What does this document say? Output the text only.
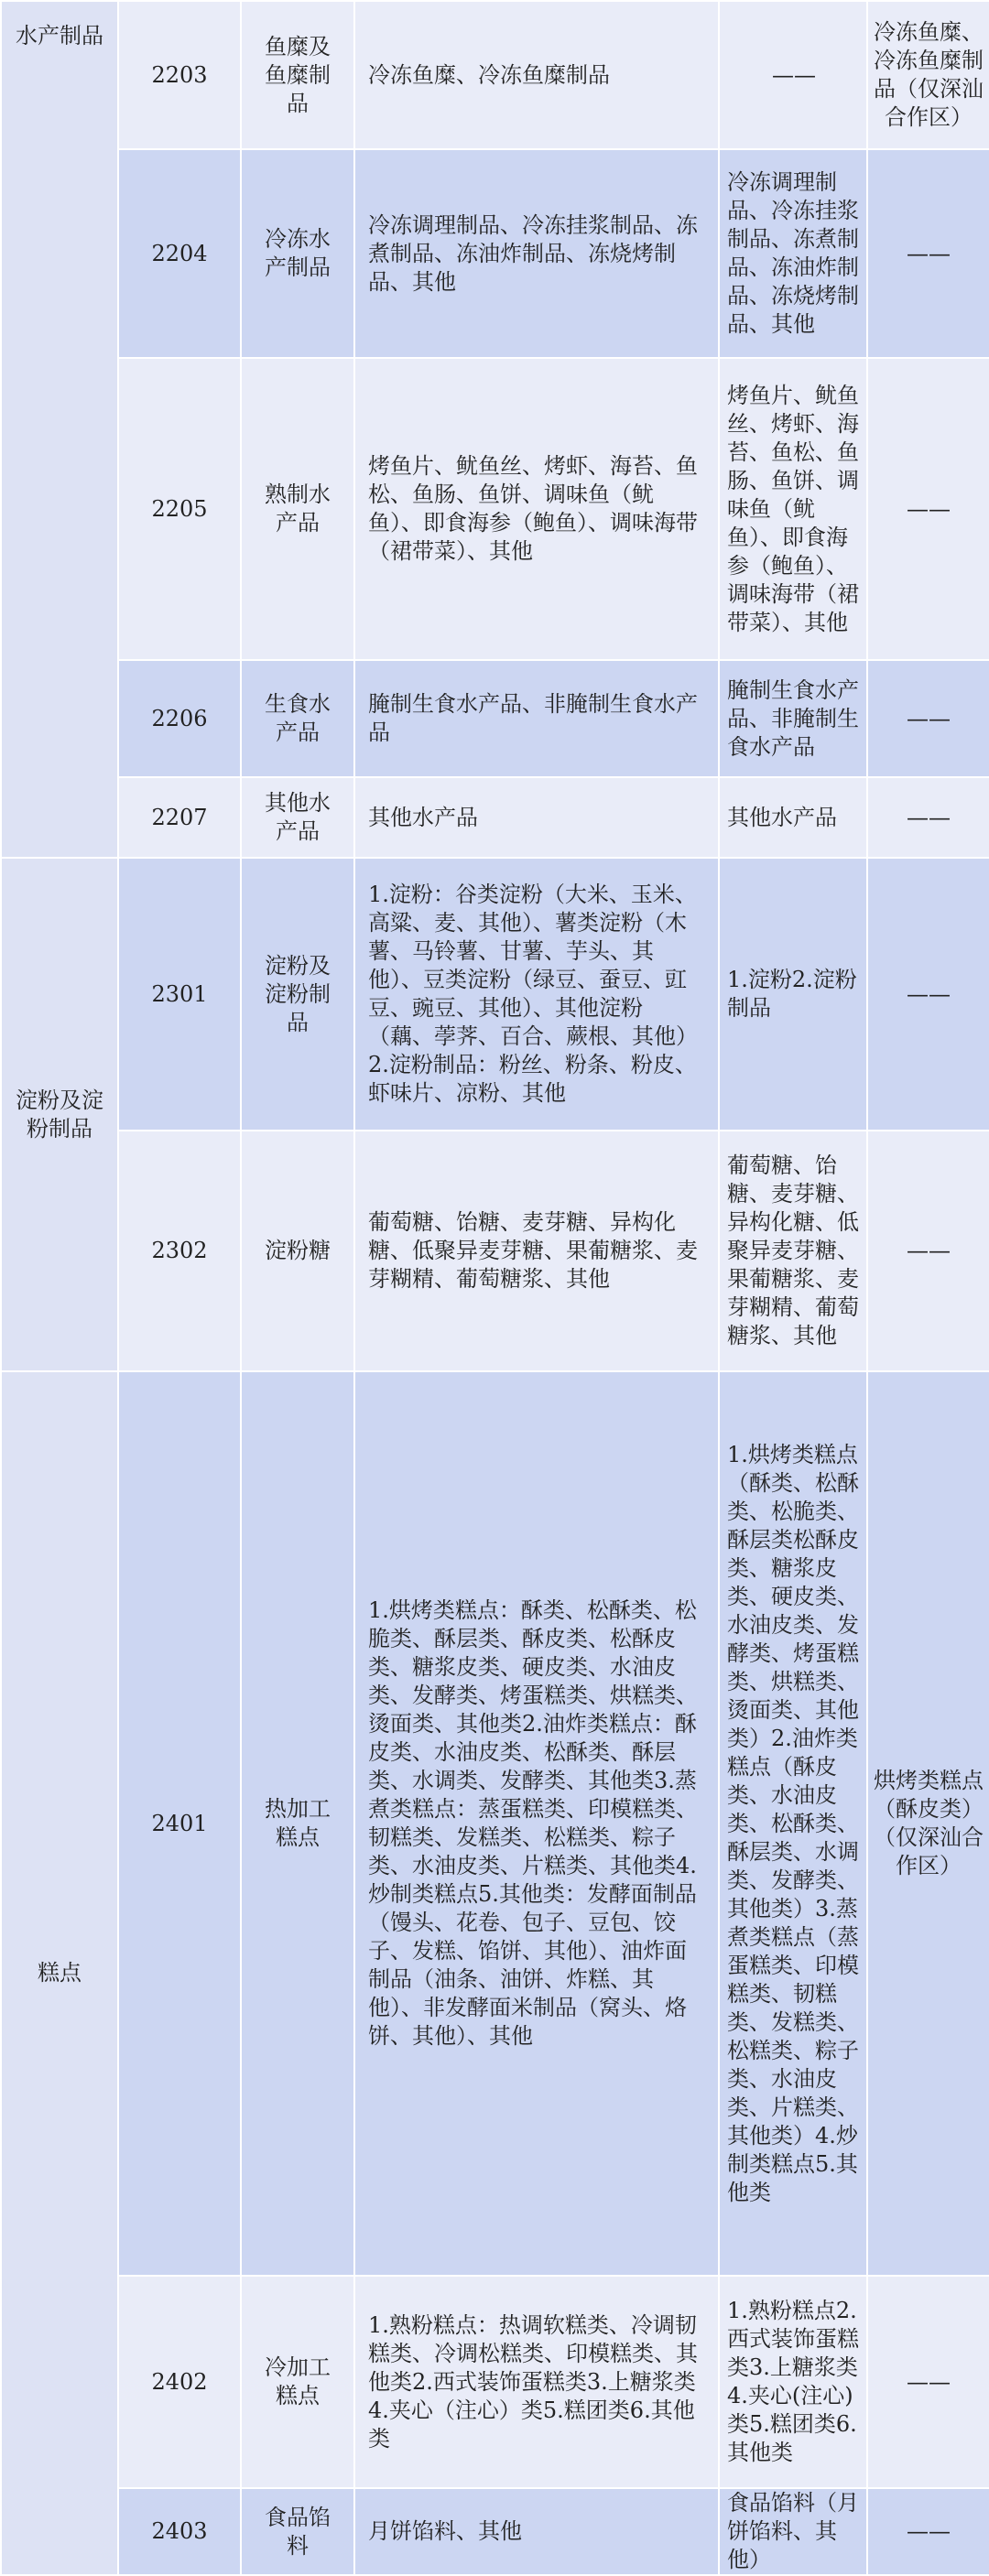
水产制品	2203	鱼糜及鱼糜制品	冷冻鱼糜、冷冻鱼糜制品	——	冷冻鱼糜、冷冻鱼糜制品（仅深汕合作区）
	2204	冷冻水产制品	冷冻调理制品、冷冻挂浆制品、冻煮制品、冻油炸制品、冻烧烤制品、其他	冷冻调理制品、冷冻挂浆制品、冻煮制品、冻油炸制品、冻烧烤制品、其他	——
	2205	熟制水产品	烤鱼片、鱿鱼丝、烤虾、海苔、鱼松、鱼肠、鱼饼、调味鱼（鱿鱼）、即食海参（鲍鱼）、调味海带（裙带菜）、其他	烤鱼片、鱿鱼丝、烤虾、海苔、鱼松、鱼肠、鱼饼、调味鱼（鱿鱼）、即食海参（鲍鱼）、调味海带（裙带菜）、其他	——
	2206	生食水产品	腌制生食水产品、非腌制生食水产品	腌制生食水产品、非腌制生食水产品	——
	2207	其他水产品	其他水产品	其他水产品	——
淀粉及淀粉制品	2301	淀粉及淀粉制品	1.淀粉：谷类淀粉（大米、玉米、高粱、麦、其他）、薯类淀粉（木薯、马铃薯、甘薯、芋头、其他）、豆类淀粉（绿豆、蚕豆、豇豆、豌豆、其他）、其他淀粉（藕、荸荠、百合、蕨根、其他）2.淀粉制品：粉丝、粉条、粉皮、虾味片、凉粉、其他	1.淀粉2.淀粉制品	——
	2302	淀粉糖	葡萄糖、饴糖、麦芽糖、异构化糖、低聚异麦芽糖、果葡糖浆、麦芽糊精、葡萄糖浆、其他	葡萄糖、饴糖、麦芽糖、异构化糖、低聚异麦芽糖、果葡糖浆、麦芽糊精、葡萄糖浆、其他	——
糕点	2401	热加工糕点	1.烘烤类糕点：酥类、松酥类、松脆类、酥层类、酥皮类、松酥皮类、糖浆皮类、硬皮类、水油皮类、发酵类、烤蛋糕类、烘糕类、烫面类、其他类2.油炸类糕点：酥皮类、水油皮类、松酥类、酥层类、水调类、发酵类、其他类3.蒸煮类糕点：蒸蛋糕类、印模糕类、韧糕类、发糕类、松糕类、粽子类、水油皮类、片糕类、其他类4.炒制类糕点5.其他类：发酵面制品（馒头、花卷、包子、豆包、饺子、发糕、馅饼、其他）、油炸面制品（油条、油饼、炸糕、其他）、非发酵面米制品（窝头、烙饼、其他）、其他	1.烘烤类糕点（酥类、松酥类、松脆类、酥层类松酥皮类、糖浆皮类、硬皮类、水油皮类、发酵类、烤蛋糕类、烘糕类、烫面类、其他类）2.油炸类糕点（酥皮类、水油皮类、松酥类、酥层类、水调类、发酵类、其他类）3.蒸煮类糕点（蒸蛋糕类、印模糕类、韧糕类、发糕类、松糕类、粽子类、水油皮类、片糕类、其他类）4.炒制类糕点5.其他类	烘烤类糕点（酥皮类）（仅深汕合作区）
	2402	冷加工糕点	1.熟粉糕点：热调软糕类、冷调韧糕类、冷调松糕类、印模糕类、其他类2.西式装饰蛋糕类3.上糖浆类4.夹心（注心）类5.糕团类6.其他类	1.熟粉糕点2.西式装饰蛋糕类3.上糖浆类4.夹心(注心)类5.糕团类6.其他类	——
	2403	食品馅料	月饼馅料、其他	食品馅料（月饼馅料、其他）	——
